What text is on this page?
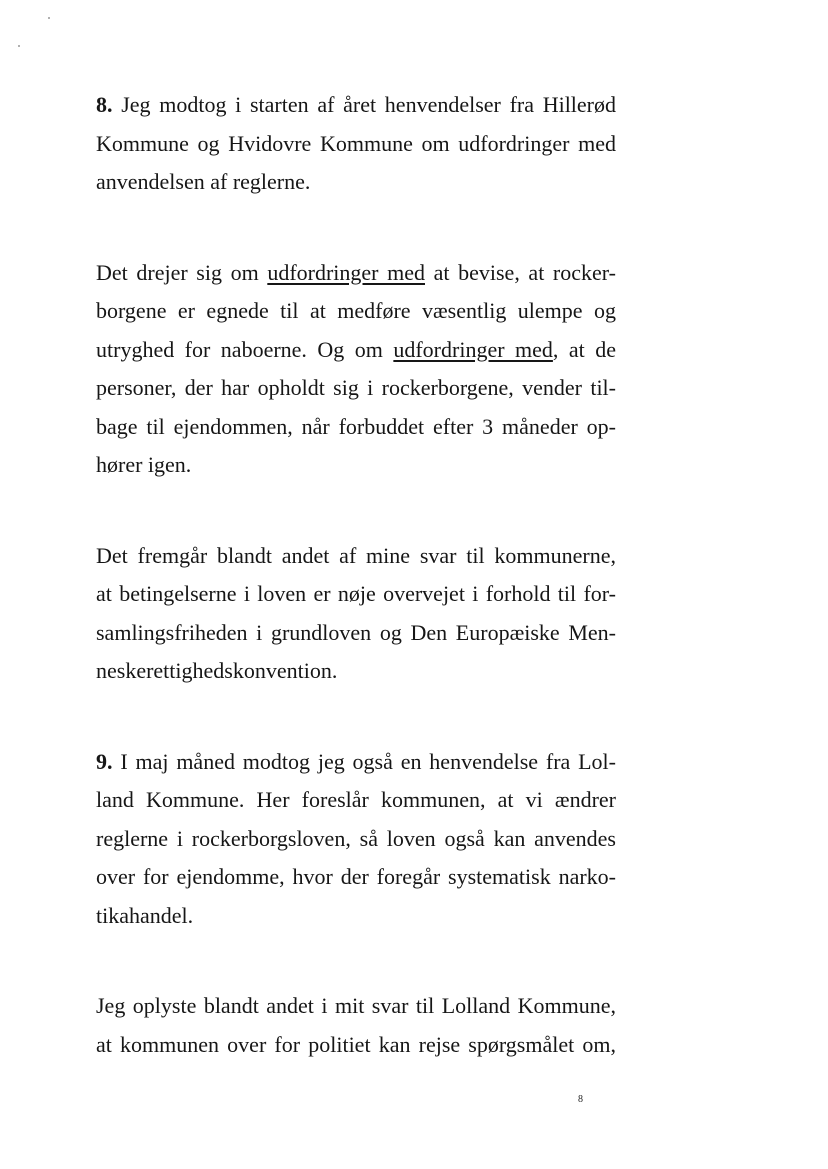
8. Jeg modtog i starten af året henvendelser fra Hillerød
Kommune og Hvidovre Kommune om udfordringer med
anvendelsen af reglerne.
Det drejer sig om udfordringer med at bevise, at rocker-
borgene er egnede til at medføre væsentlig ulempe og
utryghed for naboerne. Og om udfordringer med, at de
personer, der har opholdt sig i rockerborgene, vender til-
bage til ejendommen, når forbuddet efter 3 måneder op-
hører igen.
Det fremgår blandt andet af mine svar til kommunerne,
at betingelserne i loven er nøje overvejet i forhold til for-
samlingsfriheden i grundloven og Den Europæiske Men-
neskerettighedskonvention.
9. I maj måned modtog jeg også en henvendelse fra Lol-
land Kommune. Her foreslår kommunen, at vi ændrer
reglerne i rockerborgsloven, så loven også kan anvendes
over for ejendomme, hvor der foregår systematisk narko-
tikahandel.
Jeg oplyste blandt andet i mit svar til Lolland Kommune,
at kommunen over for politiet kan rejse spørgsmålet om,
8
